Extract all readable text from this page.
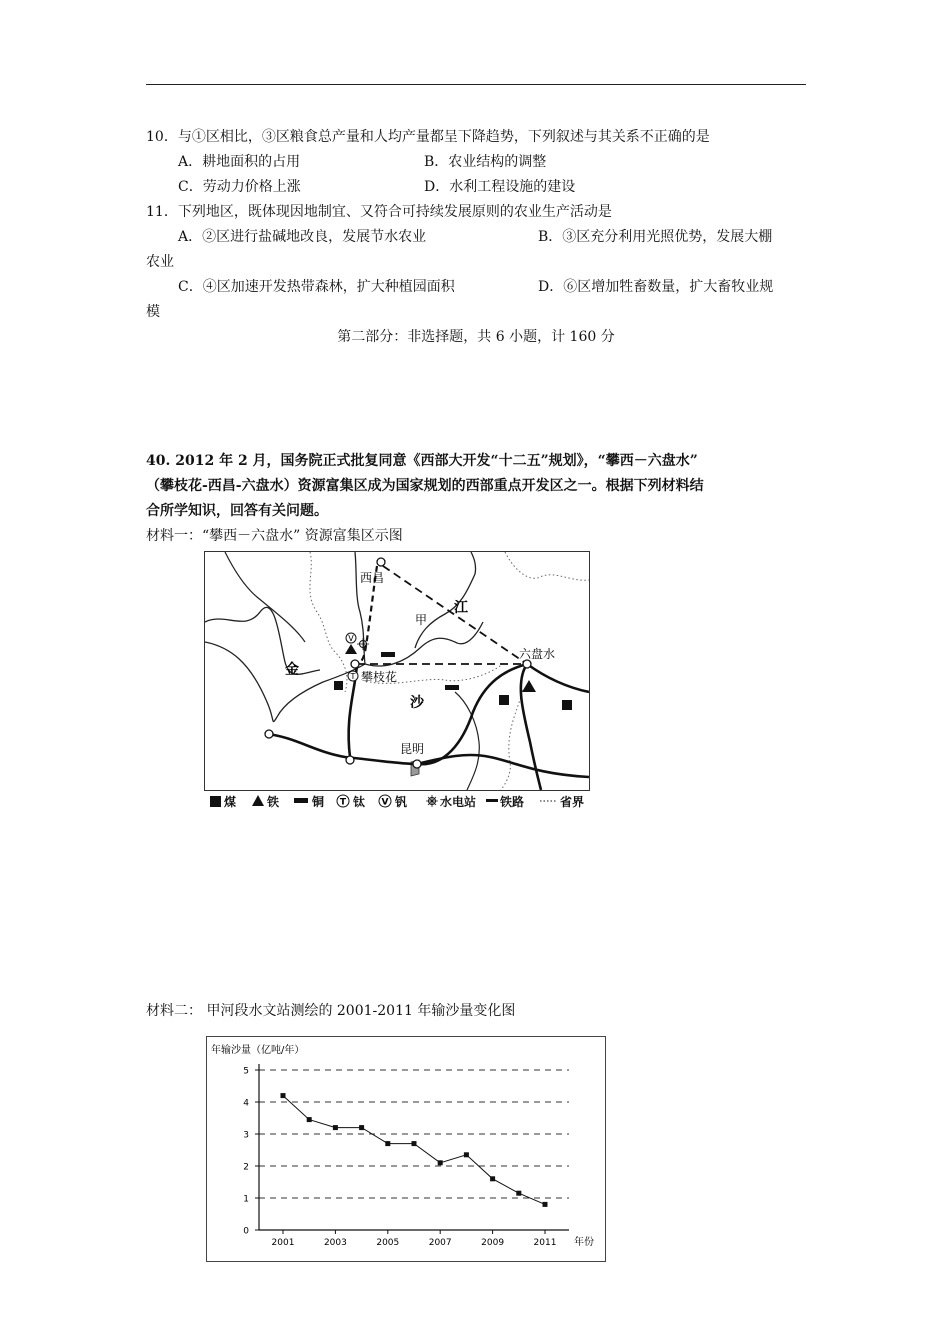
10．与①区相比，③区粮食总产量和人均产量都呈下降趋势，下列叙述与其关系不正确的是
A．耕地面积的占用	B．农业结构的调整
C．劳动力价格上涨	D．水利工程设施的建设
11．下列地区，既体现因地制宜、又符合可持续发展原则的农业生产活动是
A．②区进行盐碱地改良，发展节水农业	B．③区充分利用光照优势，发展大棚
农业
C．④区加速开发热带森林，扩大种植园面积	D．⑥区增加牲畜数量，扩大畜牧业规
模
第二部分：非选择题，共 6 小题，计 160 分
40. 2012 年 2 月，国务院正式批复同意《西部大开发“十二五”规划》，“攀西－六盘水”
（攀枝花-西昌-六盘水）资源富集区成为国家规划的西部重点开发区之一。根据下列材料结
合所学知识，回答有关问题。
材料一：“攀西－六盘水” 资源富集区示图
V
T
西昌
甲
江
金	攀枝花
沙
六盘水
昆明
煤	铁	铜 T 钛 V 钒	水电站 铁路	省界
材料二： 甲河段水文站测绘的 2001-2011 年输沙量变化图
年输沙量（亿吨/年）
年份
0
1
2
3
4
5
2001	2003	2005	2007	2009	2011
